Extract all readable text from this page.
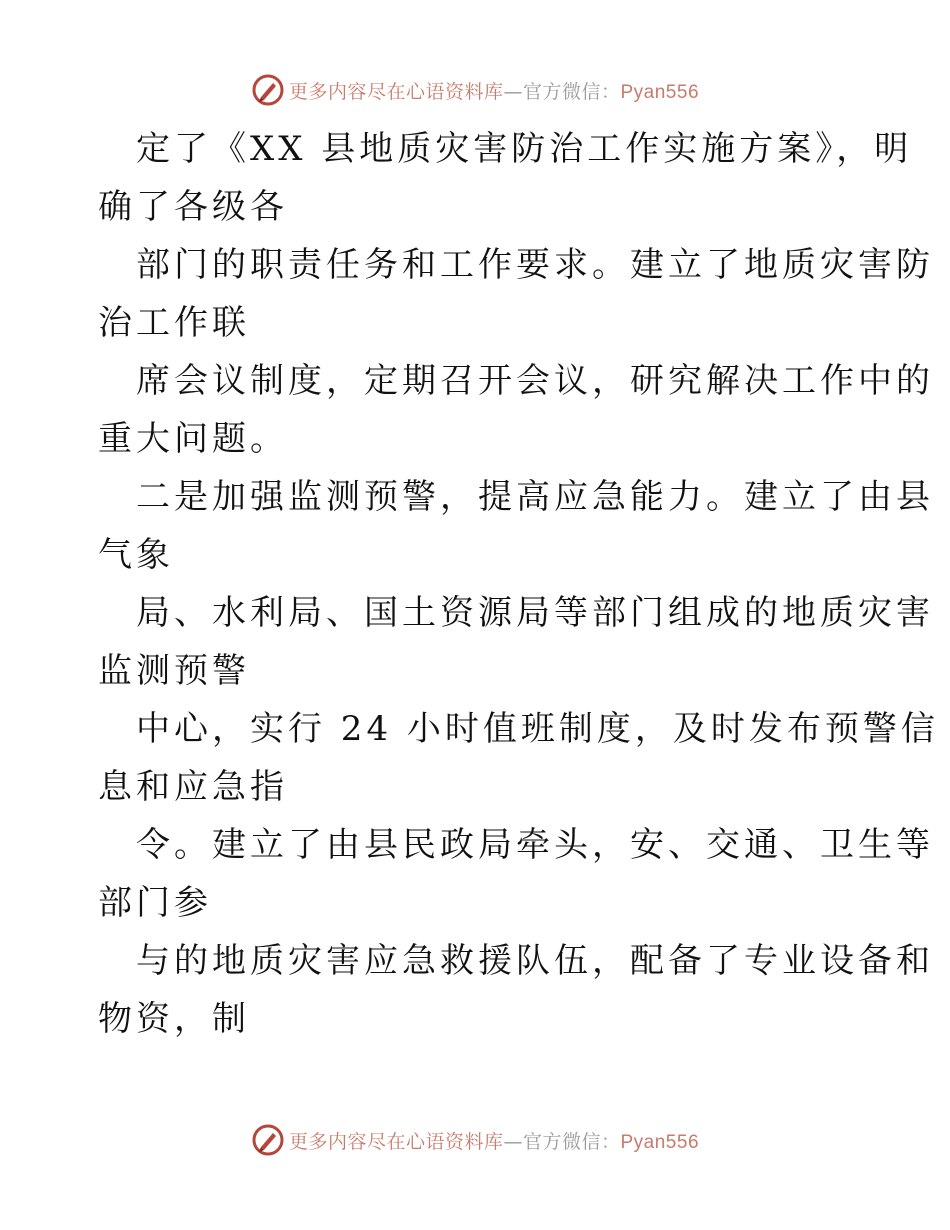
更多内容尽在心语资料库—官方微信：Pyan556
定了《XX 县地质灾害防治工作实施方案》，明
确了各级各
部门的职责任务和工作要求。建立了地质灾害防
治工作联
席会议制度，定期召开会议，研究解决工作中的
重大问题。
二是加强监测预警，提高应急能力。建立了由县
气象
局、水利局、国土资源局等部门组成的地质灾害
监测预警
中心，实行 24 小时值班制度，及时发布预警信
息和应急指
令。建立了由县民政局牵头，安、交通、卫生等
部门参
与的地质灾害应急救援队伍，配备了专业设备和
物资，制
更多内容尽在心语资料库—官方微信：Pyan556
